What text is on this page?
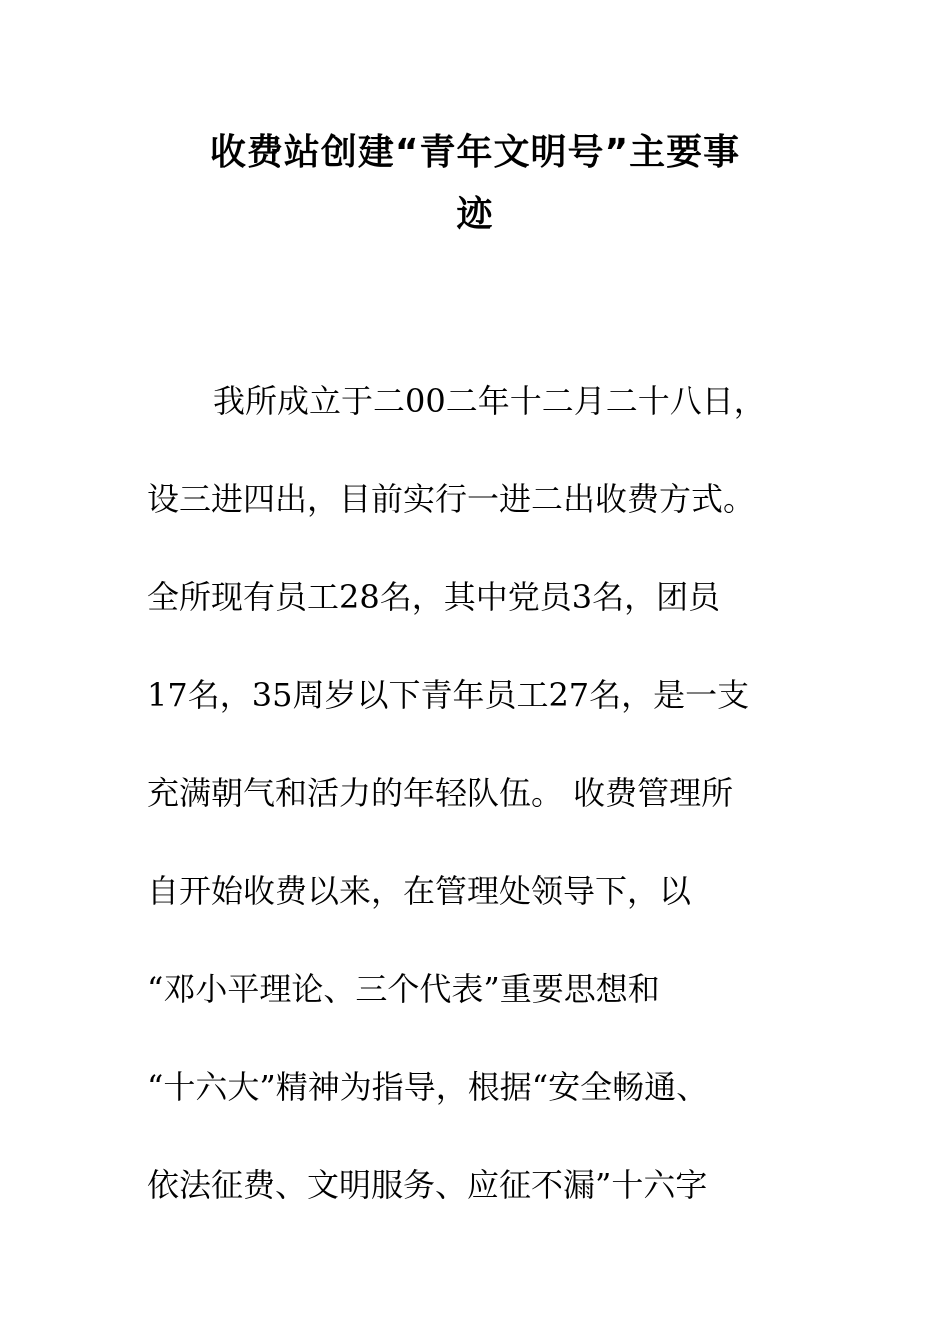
收费站创建“青年文明号”主要事
迹
我所成立于二00二年十二月二十八日，
设三进四出，目前实行一进二出收费方式。
全所现有员工28名，其中党员3名，团员
17名，35周岁以下青年员工27名，是一支
充满朝气和活力的年轻队伍。 收费管理所
自开始收费以来，在管理处领导下，以
“邓小平理论、三个代表”重要思想和
“十六大”精神为指导，根据“安全畅通、
依法征费、文明服务、应征不漏”十六字
